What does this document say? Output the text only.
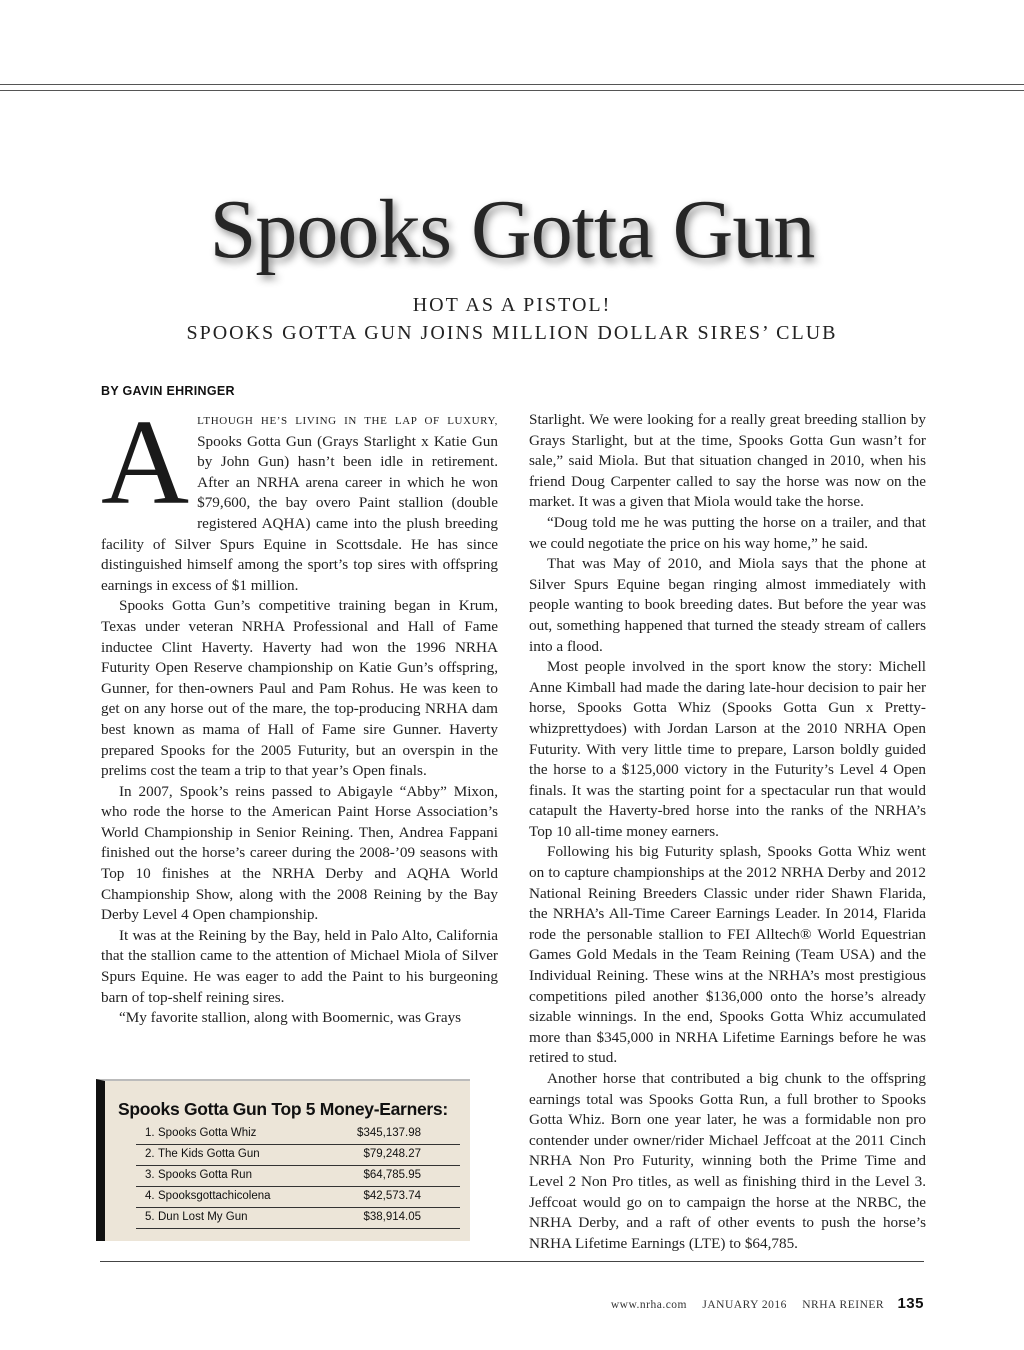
Spooks Gotta Gun
HOT AS A PISTOL!
SPOOKS GOTTA GUN JOINS MILLION DOLLAR SIRES’ CLUB
BY GAVIN EHRINGER

ALTHOUGH HE’S LIVING IN THE LAP OF LUXURY, Spooks Gotta Gun (Grays Starlight x Katie Gun by John Gun) hasn’t been idle in retirement. After an NRHA arena career in which he won $79,600, the bay overo Paint stallion (double registered AQHA) came into the plush breeding facility of Silver Spurs Equine in Scottsdale. He has since distinguished himself among the sport’s top sires with offspring earnings in excess of $1 million.

Spooks Gotta Gun’s competitive training began in Krum, Texas under veteran NRHA Professional and Hall of Fame inductee Clint Haverty. Haverty had won the 1996 NRHA Futurity Open Reserve championship on Katie Gun’s offspring, Gunner, for then-owners Paul and Pam Rohus. He was keen to get on any horse out of the mare, the top-producing NRHA dam best known as mama of Hall of Fame sire Gunner. Haverty prepared Spooks for the 2005 Futurity, but an overspin in the prelims cost the team a trip to that year’s Open finals.

In 2007, Spook’s reins passed to Abigayle “Abby” Mixon, who rode the horse to the American Paint Horse Association’s World Championship in Senior Reining. Then, Andrea Fappani finished out the horse’s career during the 2008-’09 seasons with Top 10 finishes at the NRHA Derby and AQHA World Championship Show, along with the 2008 Reining by the Bay Derby Level 4 Open championship.

It was at the Reining by the Bay, held in Palo Alto, California that the stallion came to the attention of Michael Miola of Silver Spurs Equine. He was eager to add the Paint to his burgeoning barn of top-shelf reining sires.

“My favorite stallion, along with Boomernic, was Grays

Starlight. We were looking for a really great breeding stallion by Grays Starlight, but at the time, Spooks Gotta Gun wasn’t for sale,” said Miola. But that situation changed in 2010, when his friend Doug Carpenter called to say the horse was now on the market. It was a given that Miola would take the horse.

“Doug told me he was putting the horse on a trailer, and that we could negotiate the price on his way home,” he said.

That was May of 2010, and Miola says that the phone at Silver Spurs Equine began ringing almost immediately with people wanting to book breeding dates. But before the year was out, something happened that turned the steady stream of callers into a flood.

Most people involved in the sport know the story: Michell Anne Kimball had made the daring late-hour decision to pair her horse, Spooks Gotta Whiz (Spooks Gotta Gun x Pretty-whizprettydoes) with Jordan Larson at the 2010 NRHA Open Futurity. With very little time to prepare, Larson boldly guided the horse to a $125,000 victory in the Futurity’s Level 4 Open finals. It was the starting point for a spectacular run that would catapult the Haverty-bred horse into the ranks of the NRHA’s Top 10 all-time money earners.

Following his big Futurity splash, Spooks Gotta Whiz went on to capture championships at the 2012 NRHA Derby and 2012 National Reining Breeders Classic under rider Shawn Flarida, the NRHA’s All-Time Career Earnings Leader. In 2014, Flarida rode the personable stallion to FEI Alltech® World Equestrian Games Gold Medals in the Team Reining (Team USA) and the Individual Reining. These wins at the NRHA’s most prestigious competitions piled another $136,000 onto the horse’s already sizable winnings. In the end, Spooks Gotta Whiz accumulated more than $345,000 in NRHA Lifetime Earnings before he was retired to stud.

Another horse that contributed a big chunk to the offspring earnings total was Spooks Gotta Run, a full brother to Spooks Gotta Whiz. Born one year later, he was a formidable non pro contender under owner/rider Michael Jeffcoat at the 2011 Cinch NRHA Non Pro Futurity, winning both the Prime Time and Level 2 Non Pro titles, as well as finishing third in the Level 3. Jeffcoat would go on to campaign the horse at the NRBC, the NRHA Derby, and a raft of other events to push the horse’s NRHA Lifetime Earnings (LTE) to $64,785.

Spooks Gotta Gun Top 5 Money-Earners:
1. Spooks Gotta Whiz	$345,137.98
2. The Kids Gotta Gun	$79,248.27
3. Spooks Gotta Run	$64,785.95
4. Spooksgottachicolena	$42,573.74
5. Dun Lost My Gun	$38,914.05
www.nrha.com JANUARY 2016 NRHA REINER 135
